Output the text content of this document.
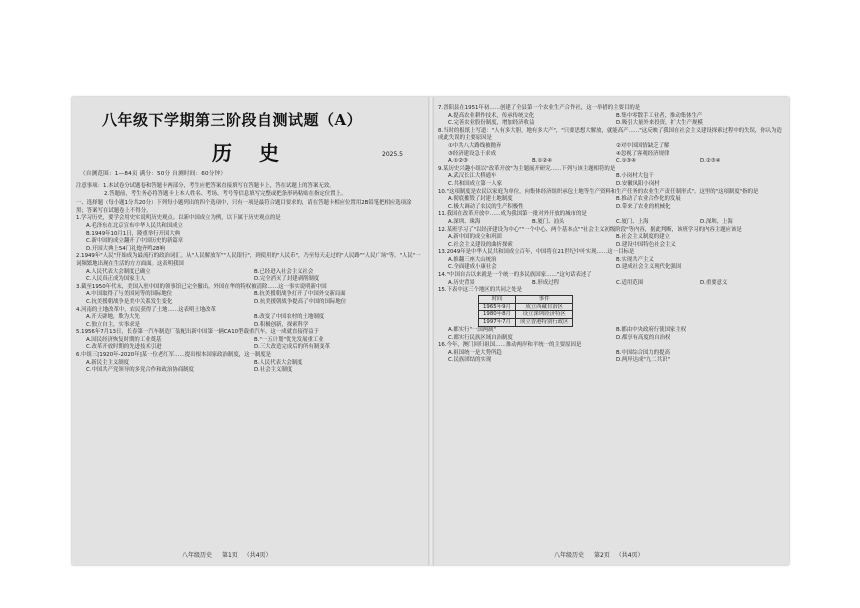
八年级下学期第三阶段自测试题（A）
历 史	2025.5
（自测范围：1—84页 满分：50分 自测时间：60分钟）
注意事项：1.本试卷分试题卷和答题卡两部分，考生应把答案直接填写在答题卡上，答在试题上的答案无效。
2.答题前，考生务必将答题卡上本人姓名、考场、考号等信息填写完整或把条形码粘贴在指定位置上。
一、选择题（每小题1分共20分）下列每小题列出的四个选项中，只有一项是最符合题目要求的，请在答题卡相应位置用2B铅笔把相应选项涂黑；答案写在试题卷上不得分。
1.学习历史，要学会用史实说明历史观点。以新中国成立为例，以下属于历史观点的是
A.毛泽东在北京宣布中华人民共和国成立
B.1949年10月1日，隆重举行开国大典
C.新中国的成立翻开了中国历史的新篇章
D.开国大典上54门礼炮齐鸣28响
2.1949年"人民"开始成为最流行的政治词汇。从"人民解放军""人民银行"，到使用的"人民币"，乃至每天走过的"人民路""人民广场"等。"人民"一词频繁地出现在生活的方方面面。这表明我国
A.人民代表大会制度已确立	B.已经进入社会主义社会
C.人民真正成为国家主人	D.完全消灭了封建剥削制度
3.截至1950年代末，美国入驻中国的领事馆已完全撤出，外国在华的特权被清除……这一事实说明新中国
A.中国取得了与美国同等的国际地位	B.抗美援朝战争打开了中国外交新局面
C.抗美援朝战争是美中关系发生变化	D.抗美援朝战争提高了中国的国际地位
4.河南的土地改革中，农民获得了土地……这表明土地改革
A.开天辟地，欺为大先	B.改变了中国农村的土地制度
C.独立自主，实事求是	D.积极创新，探索科学
5.1956年7月13日，长春第一汽车制造厂装配出新中国第一辆CA10型载重汽车。这一成就直接得益于
A.国民经济恢复时期的工业奠基	B."一五计划"优先发展重工业
C.改革开放时期的先进技术引进	D.三大改造完成后的所有制变革
6.中组三[1920年-2020年]某一位老红军……提出根本国家政治制度，这一制度是
A.新民主主义制度	B.人民代表大会制度
C.中国共产党领导的多党合作和政治协商制度	D.社会主义制度
八年级历史 第1页 （共4页）
7.晋阳县在1951年初……创建了全县第一个农业生产合作社，这一举措的主要目的是
A.提高农业耕作技术，传承传统文化	B.集中零散手工业者，推动集体生产
C.完善农业股份制度，增加经济收益	D.吸引大量外来投资，扩大生产规模
8.当时的报纸上写道："人有多大胆，地有多大产"，"只要思想大解放，就能高产……"这反映了我国在社会主义建设探索过程中的失误，你认为造成此失误的主要原因是
①中共八大路线被抛弃	②对中国国情缺乏了解
③经济建设急于求成	④忽视了客观经济规律
A.①②③	B.①②④	C.①③④	D.②③④
9.某历史兴趣小组以"改革开放"为主题展开研究……下列与该主题相符的是
A.武汉长江大桥通车	B.小岗村大包干
C.共和国成立第一人家	D.安徽凤阳小岗村
10."这项制度是农民以家庭为单位，向集体经济组织承包土地等生产资料和生产任务的农业生产责任制形式"。这里的"这项制度"指的是
A.彻底摧毁了封建土地制度	B.推动了农业合作化的发展
C.极大调动了农民的生产积极性	D.带来了农业的机械化
11.我国在改革开放中……成为我国第一批对外开放的城市的是
A.深圳、珠海	B.厦门、汕头	C.厦门、上海	D.深圳、上海
12.某班学习了"以经济建设为中心""一个中心、两个基本点""社会主义初级阶段"等内容，据此判断，该班学习的内容主题应该是
A.新中国的成立和巩固	B.社会主义制度的建立
C.社会主义建设的曲折探索	D.建设中国特色社会主义
13.2049年是中华人民共和国成立百年，中国将在21世纪中叶实现……这一目标是
A.推翻三座大山统治	B.实现共产主义
C.全面建成小康社会	D.建成社会主义现代化强国
14."中国自古以来就是一个统一的多民族国家……"这句话表述了
A.历史背景	B.形成过程	C.适用范围	D.重要意义
15.下表中这三个地区的共同之处是
时间	事件
1965年9月	成立西藏自治区
1980年8月	设立深圳经济特区
1997年7月	成立香港特别行政区
A.都实行"一国两制"	B.都由中央政府行使国家主权
C.都实行民族区域自治制度	D.都享有高度的自治权
16.今年，澳门回归祖国……推动两岸和平统一的主要原因是
A.祖国统一是大势所趋	B.中国综合国力的提高
C.民族团结的实现	D.两岸达成"九二共识"
八年级历史 第2页 （共4页）
